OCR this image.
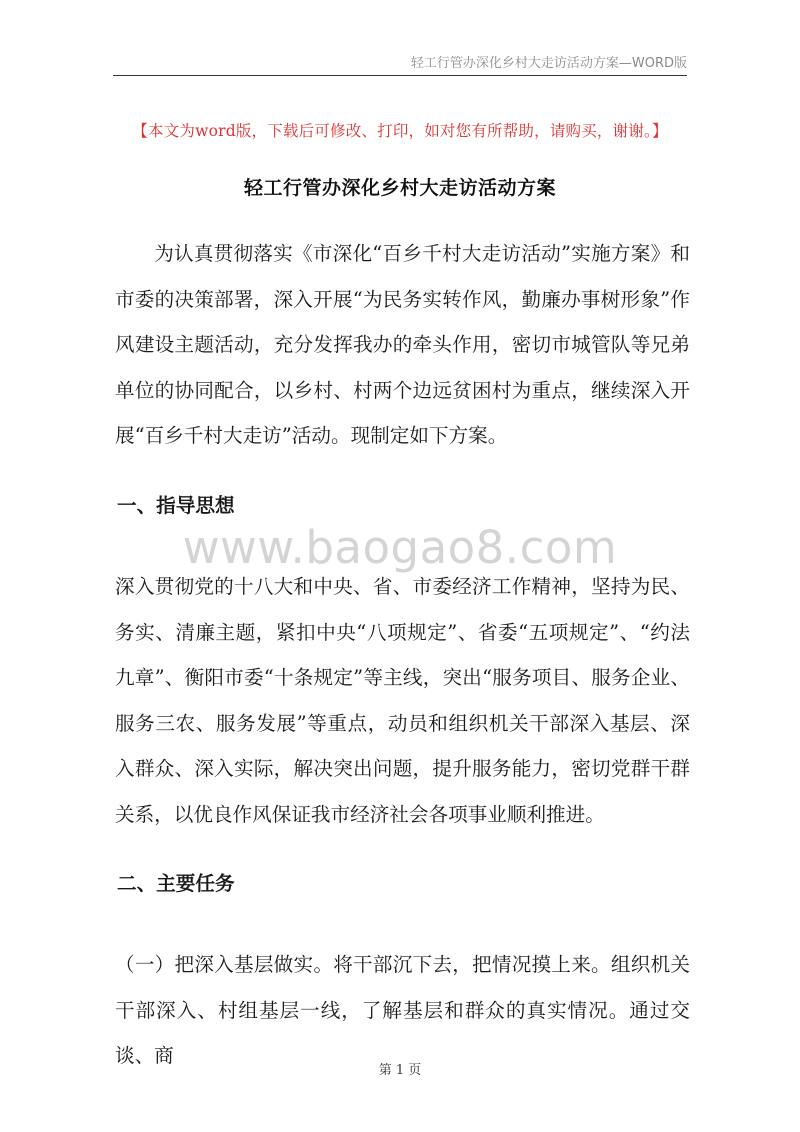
轻工行管办深化乡村大走访活动方案—WORD版
【本文为word版，下载后可修改、打印，如对您有所帮助，请购买，谢谢。】
轻工行管办深化乡村大走访活动方案

为认真贯彻落实《市深化“百乡千村大走访活动”实施方案》和市委的决策部署，深入开展“为民务实转作风，勤廉办事树形象”作风建设主题活动，充分发挥我办的牵头作用，密切市城管队等兄弟单位的协同配合，以乡村、村两个边远贫困村为重点，继续深入开展“百乡千村大走访”活动。现制定如下方案。

一、指导思想
www.baogao8.com

深入贯彻党的十八大和中央、省、市委经济工作精神，坚持为民、务实、清廉主题，紧扣中央“八项规定”、省委“五项规定”、“约法九章”、衡阳市委“十条规定”等主线，突出“服务项目、服务企业、服务三农、服务发展”等重点，动员和组织机关干部深入基层、深入群众、深入实际，解决突出问题，提升服务能力，密切党群干群关系，以优良作风保证我市经济社会各项事业顺利推进。

二、主要任务

（一）把深入基层做实。将干部沉下去，把情况摸上来。组织机关干部深入、村组基层一线，了解基层和群众的真实情况。通过交谈、商

第 1 页
